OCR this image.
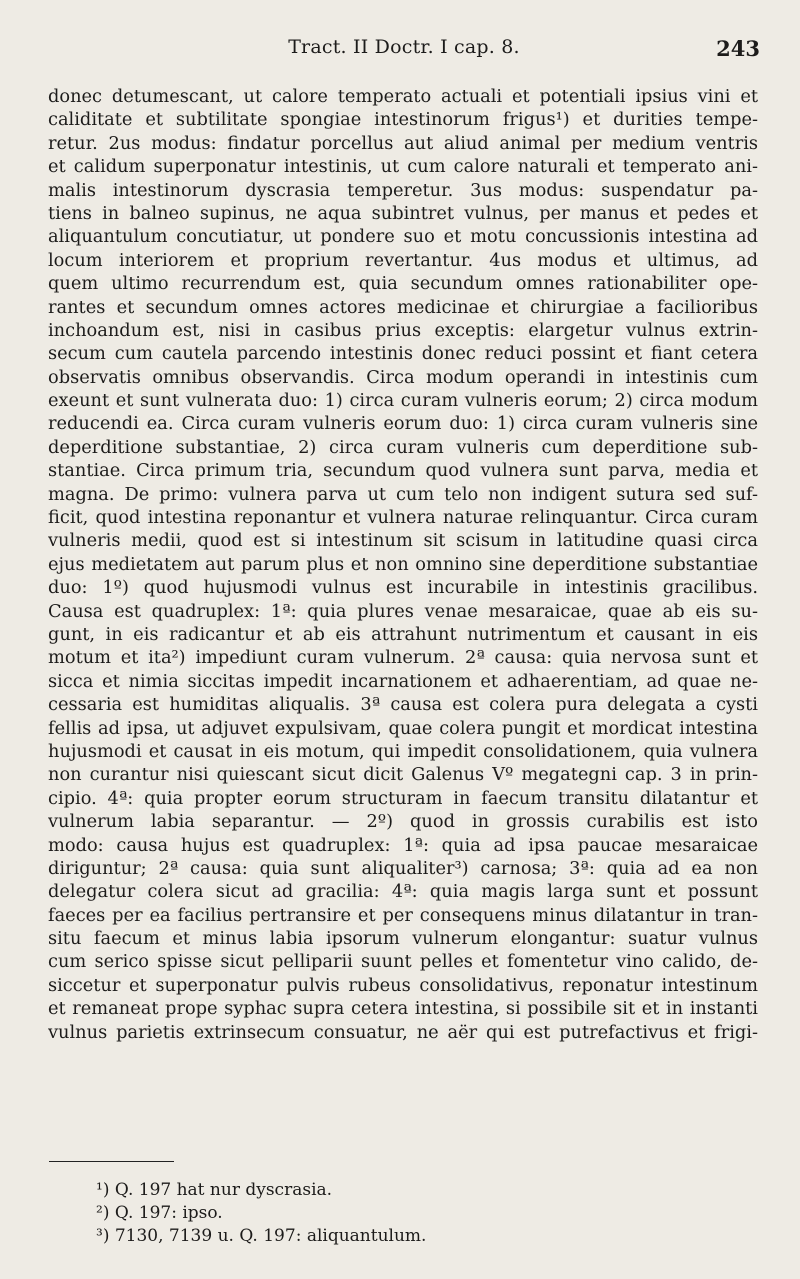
Tract. II Doctr. I cap. 8.	243
donec detumescant, ut calore temperato actuali et potentiali ipsius vini et
caliditate et subtilitate spongiae intestinorum frigus¹) et durities tempe-
retur. 2us modus: findatur porcellus aut aliud animal per medium ventris
et calidum superponatur intestinis, ut cum calore naturali et temperato ani-
malis intestinorum dyscrasia temperetur. 3us modus: suspendatur pa-
tiens in balneo supinus, ne aqua subintret vulnus, per manus et pedes et
aliquantulum concutiatur, ut pondere suo et motu concussionis intestina ad
locum interiorem et proprium revertantur. 4us modus et ultimus, ad
quem ultimo recurrendum est, quia secundum omnes rationabiliter ope-
rantes et secundum omnes actores medicinae et chirurgiae a facilioribus
inchoandum est, nisi in casibus prius exceptis: elargetur vulnus extrin-
secum cum cautela parcendo intestinis donec reduci possint et fiant cetera
observatis omnibus observandis. Circa modum operandi in intestinis cum
exeunt et sunt vulnerata duo: 1) circa curam vulneris eorum; 2) circa modum
reducendi ea. Circa curam vulneris eorum duo: 1) circa curam vulneris sine
deperditione substantiae, 2) circa curam vulneris cum deperditione sub-
stantiae. Circa primum tria, secundum quod vulnera sunt parva, media et
magna. De primo: vulnera parva ut cum telo non indigent sutura sed suf-
ficit, quod intestina reponantur et vulnera naturae relinquantur. Circa curam
vulneris medii, quod est si intestinum sit scisum in latitudine quasi circa
ejus medietatem aut parum plus et non omnino sine deperditione substantiae
duo: 1º) quod hujusmodi vulnus est incurabile in intestinis gracilibus.
Causa est quadruplex: 1ª: quia plures venae mesaraicae, quae ab eis su-
gunt, in eis radicantur et ab eis attrahunt nutrimentum et causant in eis
motum et ita²) impediunt curam vulnerum. 2ª causa: quia nervosa sunt et
sicca et nimia siccitas impedit incarnationem et adhaerentiam, ad quae ne-
cessaria est humiditas aliqualis. 3ª causa est colera pura delegata a cysti
fellis ad ipsa, ut adjuvet expulsivam, quae colera pungit et mordicat intestina
hujusmodi et causat in eis motum, qui impedit consolidationem, quia vulnera
non curantur nisi quiescant sicut dicit Galenus Vº megategni cap. 3 in prin-
cipio. 4ª: quia propter eorum structuram in faecum transitu dilatantur et
vulnerum labia separantur. — 2º) quod in grossis curabilis est isto
modo: causa hujus est quadruplex: 1ª: quia ad ipsa paucae mesaraicae
diriguntur; 2ª causa: quia sunt aliqualiter³) carnosa; 3ª: quia ad ea non
delegatur colera sicut ad gracilia: 4ª: quia magis larga sunt et possunt
faeces per ea facilius pertransire et per consequens minus dilatantur in tran-
situ faecum et minus labia ipsorum vulnerum elongantur: suatur vulnus
cum serico spisse sicut pelliparii suunt pelles et fomentetur vino calido, de-
siccetur et superponatur pulvis rubeus consolidativus, reponatur intestinum
et remaneat prope syphac supra cetera intestina, si possibile sit et in instanti
vulnus parietis extrinsecum consuatur, ne aër qui est putrefactivus et frigi-
¹) Q. 197 hat nur dyscrasia.
²) Q. 197: ipso.
³) 7130, 7139 u. Q. 197: aliquantulum.
